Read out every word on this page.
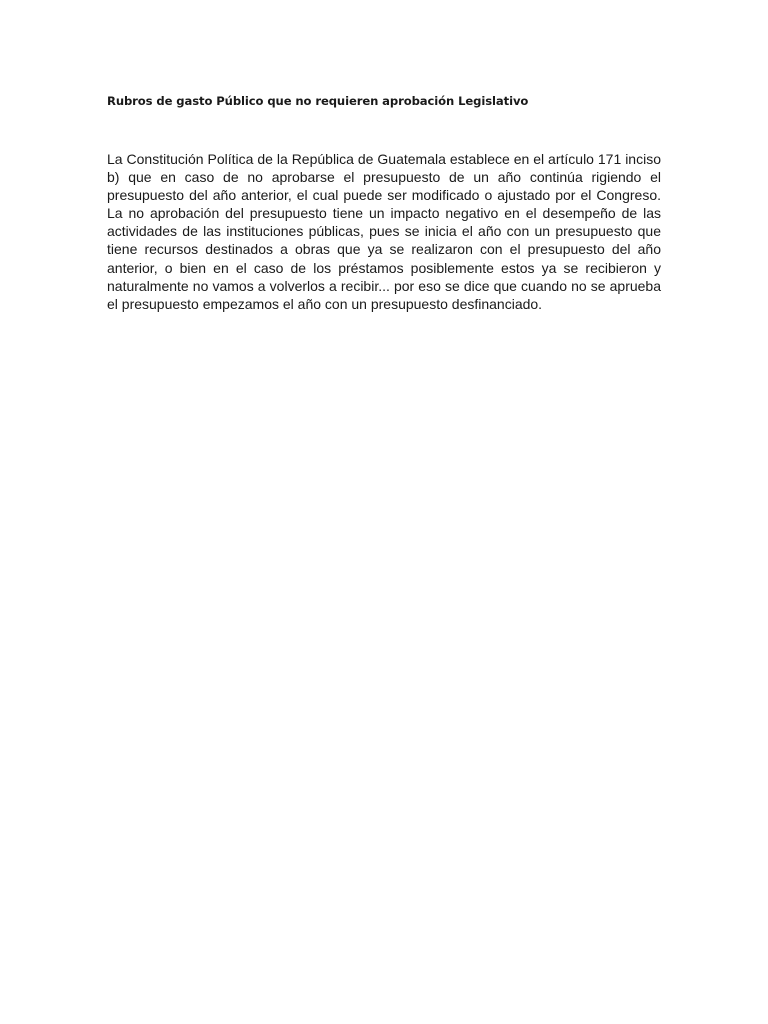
Rubros de gasto Público que no requieren aprobación Legislativo

La Constitución Política de la República de Guatemala establece en el artículo 171 inciso b) que en caso de no aprobarse el presupuesto de un año continúa rigiendo el presupuesto del año anterior, el cual puede ser modificado o ajustado por el Congreso. La no aprobación del presupuesto tiene un impacto negativo en el desempeño de las actividades de las instituciones públicas, pues se inicia el año con un presupuesto que tiene recursos destinados a obras que ya se realizaron con el presupuesto del año anterior, o bien en el caso de los préstamos posiblemente estos ya se recibieron y naturalmente no vamos a volverlos a recibir... por eso se dice que cuando no se aprueba el presupuesto empezamos el año con un presupuesto desfinanciado.
